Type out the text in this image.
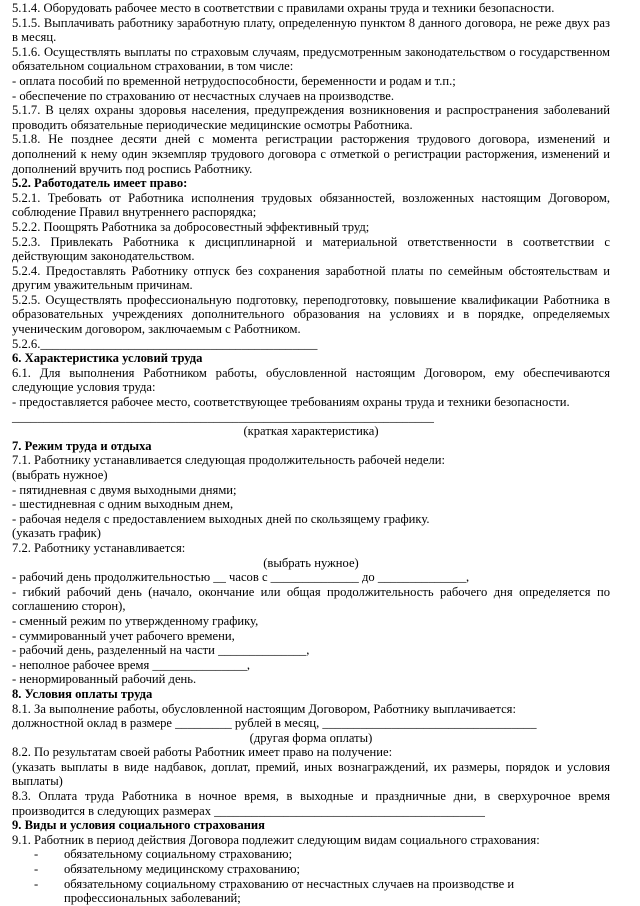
5.1.4. Оборудовать рабочее место в соответствии с правилами охраны труда и техники безопасности.
5.1.5. Выплачивать работнику заработную плату, определенную пунктом 8 данного договора, не реже двух раз в месяц.
5.1.6. Осуществлять выплаты по страховым случаям, предусмотренным законодательством о государственном обязательном социальном страховании, в том числе:
- оплата пособий по временной нетрудоспособности, беременности и родам и т.п.;
- обеспечение по страхованию от несчастных случаев на производстве.
5.1.7. В целях охраны здоровья населения, предупреждения возникновения и распространения заболеваний проводить обязательные периодические медицинские осмотры Работника.
5.1.8. Не позднее десяти дней с момента регистрации расторжения трудового договора, изменений и дополнений к нему один экземпляр трудового договора с отметкой о регистрации расторжения, изменений и дополнений вручить под роспись Работнику.
5.2. Работодатель имеет право:
5.2.1. Требовать от Работника исполнения трудовых обязанностей, возложенных настоящим Договором, соблюдение Правил внутреннего распорядка;
5.2.2. Поощрять Работника за добросовестный эффективный труд;
5.2.3. Привлекать Работника к дисциплинарной и материальной ответственности в соответствии с действующим законодательством.
5.2.4. Предоставлять Работнику отпуск без сохранения заработной платы по семейным обстоятельствам и другим уважительным причинам.
5.2.5. Осуществлять профессиональную подготовку, переподготовку, повышение квалификации Работника в образовательных учреждениях дополнительного образования на условиях и в порядке, определяемых ученическим договором, заключаемым с Работником.
5.2.6.____________________________________________
6. Характеристика условий труда
6.1. Для выполнения Работником работы, обусловленной настоящим Договором, ему обеспечиваются следующие условия труда:
- предоставляется рабочее место, соответствующее требованиям охраны труда и техники безопасности.
___________________________________________________________________
(краткая характеристика)
7. Режим труда и отдыха
7.1. Работнику устанавливается следующая продолжительность рабочей недели:
(выбрать нужное)
- пятидневная с двумя выходными днями;
- шестидневная с одним выходным днем,
- рабочая неделя с предоставлением выходных дней по скользящему графику.
(указать график)
7.2. Работнику устанавливается:
(выбрать нужное)
- рабочий день продолжительностью __ часов с ______________ до ______________,
- гибкий рабочий день (начало, окончание или общая продолжительность рабочего дня определяется по соглашению сторон),
- сменный режим по утвержденному графику,
- суммированный учет рабочего времени,
- рабочий день, разделенный на части ______________,
- неполное рабочее время _______________,
- ненормированный рабочий день.
8. Условия оплаты труда
8.1. За выполнение работы, обусловленной настоящим Договором, Работнику выплачивается:
должностной оклад в размере _________ рублей в месяц, __________________________________
(другая форма оплаты)
8.2. По результатам своей работы Работник имеет право на получение:
(указать выплаты в виде надбавок, доплат, премий, иных вознаграждений, их размеры, порядок и условия выплаты)
8.3. Оплата труда Работника в ночное время, в выходные и праздничные дни, в сверхурочное время производится в следующих размерах ___________________________________________
9. Виды и условия социального страхования
9.1. Работник в период действия Договора подлежит следующим видам социального страхования:
- обязательному социальному страхованию;
- обязательному медицинскому страхованию;
- обязательному социальному страхованию от несчастных случаев на производстве и профессиональных заболеваний;
